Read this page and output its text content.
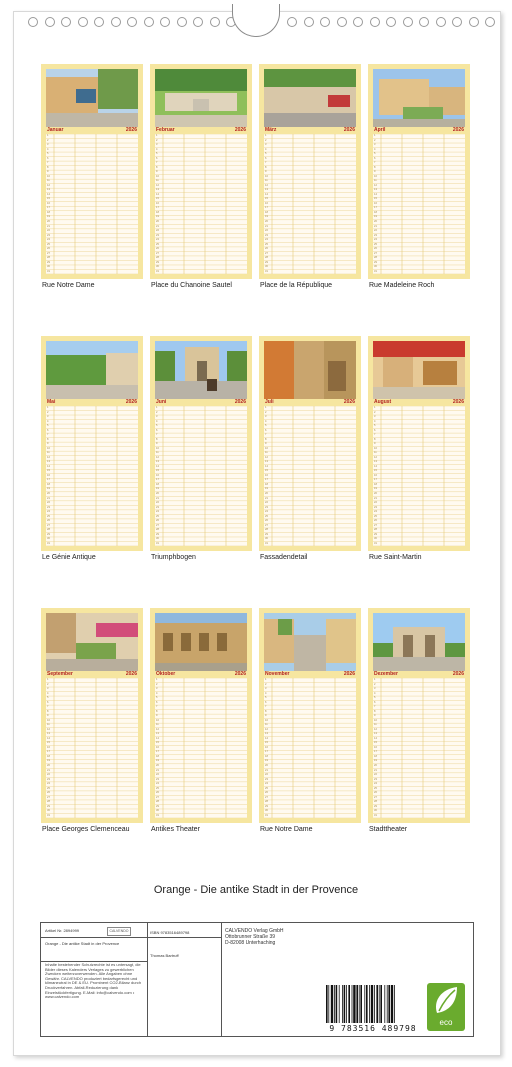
Januar	2026
1
2
3
4
5
6
7
8
9
10
11
12
13
14
15
16
17
18
19
20
21
22
23
24
25
26
27
28
29
30
31
Rue Notre Dame
Februar	2026
1
2
3
4
5
6
7
8
9
10
11
12
13
14
15
16
17
18
19
20
21
22
23
24
25
26
27
28
29
30
31
Place du Chanoine Sautel
März	2026
1
2
3
4
5
6
7
8
9
10
11
12
13
14
15
16
17
18
19
20
21
22
23
24
25
26
27
28
29
30
31
Place de la République
April	2026
1
2
3
4
5
6
7
8
9
10
11
12
13
14
15
16
17
18
19
20
21
22
23
24
25
26
27
28
29
30
31
Rue Madeleine Roch
Mai	2026
1
2
3
4
5
6
7
8
9
10
11
12
13
14
15
16
17
18
19
20
21
22
23
24
25
26
27
28
29
30
31
Le Génie Antique
Juni	2026
1
2
3
4
5
6
7
8
9
10
11
12
13
14
15
16
17
18
19
20
21
22
23
24
25
26
27
28
29
30
31
Triumphbogen
Juli	2026
1
2
3
4
5
6
7
8
9
10
11
12
13
14
15
16
17
18
19
20
21
22
23
24
25
26
27
28
29
30
31
Fassadendetail
August	2026
1
2
3
4
5
6
7
8
9
10
11
12
13
14
15
16
17
18
19
20
21
22
23
24
25
26
27
28
29
30
31
Rue Saint-Martin
September	2026
1
2
3
4
5
6
7
8
9
10
11
12
13
14
15
16
17
18
19
20
21
22
23
24
25
26
27
28
29
30
31
Place Georges Clemenceau
Oktober	2026
1
2
3
4
5
6
7
8
9
10
11
12
13
14
15
16
17
18
19
20
21
22
23
24
25
26
27
28
29
30
31
Antikes Theater
November	2026
1
2
3
4
5
6
7
8
9
10
11
12
13
14
15
16
17
18
19
20
21
22
23
24
25
26
27
28
29
30
31
Rue Notre Dame
Dezember	2026
1
2
3
4
5
6
7
8
9
10
11
12
13
14
15
16
17
18
19
20
21
22
23
24
25
26
27
28
29
30
31
Stadttheater
Orange - Die antike Stadt in der Provence
Artikel Nr. 2894999	CALVENDO
Orange - Die antike Stadt in der Provence
Inhalte bestehender Schutzrechte ist es untersagt, die Bilder dieses Kalenders Verlages zu gewerblichen Zwecken weiterzuverwenden. Alle Angaben ohne Gewähr. CALVENDO produziert bedarfsgerecht und klimaneutral in DE & EU. Prominent CO2-Bilanz durch Druckverfahren. Abfall-Reduzierung dank Einzelstückfertigung. E-Mail: info@calvendo.com • www.calvendo.com
ISBN 9783516489798
Thomas Bartruff
CALVENDO Verlag GmbH
Ottobrunner Straße 39
D-82008 Unterhaching
9 783516 489798
eco
